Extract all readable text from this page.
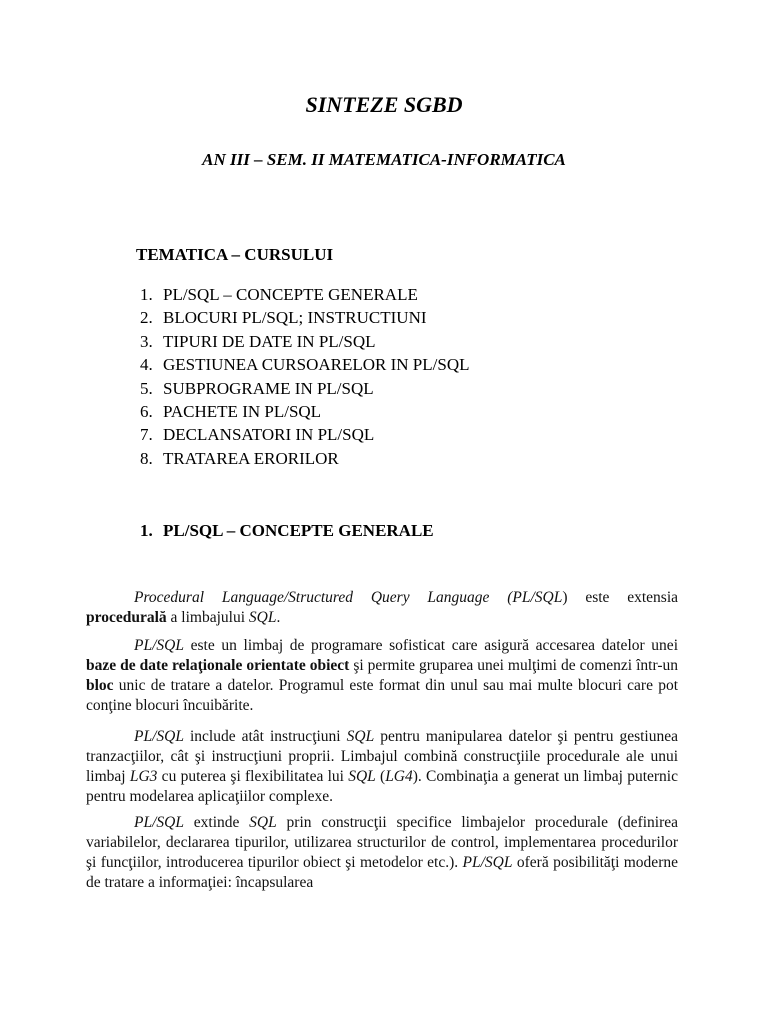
SINTEZE SGBD
AN III – SEM. II MATEMATICA-INFORMATICA
TEMATICA – CURSULUI
1. PL/SQL – CONCEPTE GENERALE
2. BLOCURI PL/SQL; INSTRUCTIUNI
3. TIPURI DE DATE IN PL/SQL
4. GESTIUNEA CURSOARELOR IN PL/SQL
5. SUBPROGRAME IN PL/SQL
6. PACHETE IN PL/SQL
7. DECLANSATORI IN PL/SQL
8. TRATAREA ERORILOR
1. PL/SQL – CONCEPTE GENERALE

Procedural Language/Structured Query Language (PL/SQL) este extensia procedurală a limbajului SQL.

PL/SQL este un limbaj de programare sofisticat care asigură accesarea datelor unei baze de date relaţionale orientate obiect şi permite gruparea unei mulţimi de comenzi într-un bloc unic de tratare a datelor. Programul este format din unul sau mai multe blocuri care pot conţine blocuri încuibărite.

PL/SQL include atât instrucţiuni SQL pentru manipularea datelor şi pentru gestiunea tranzacţiilor, cât şi instrucţiuni proprii. Limbajul combină construcţiile procedurale ale unui limbaj LG3 cu puterea şi flexibilitatea lui SQL (LG4). Combinaţia a generat un limbaj puternic pentru modelarea aplicaţiilor complexe.

PL/SQL extinde SQL prin construcţii specifice limbajelor procedurale (definirea variabilelor, declararea tipurilor, utilizarea structurilor de control, implementarea procedurilor şi funcţiilor, introducerea tipurilor obiect şi metodelor etc.). PL/SQL oferă posibilităţi moderne de tratare a informaţiei: încapsularea
